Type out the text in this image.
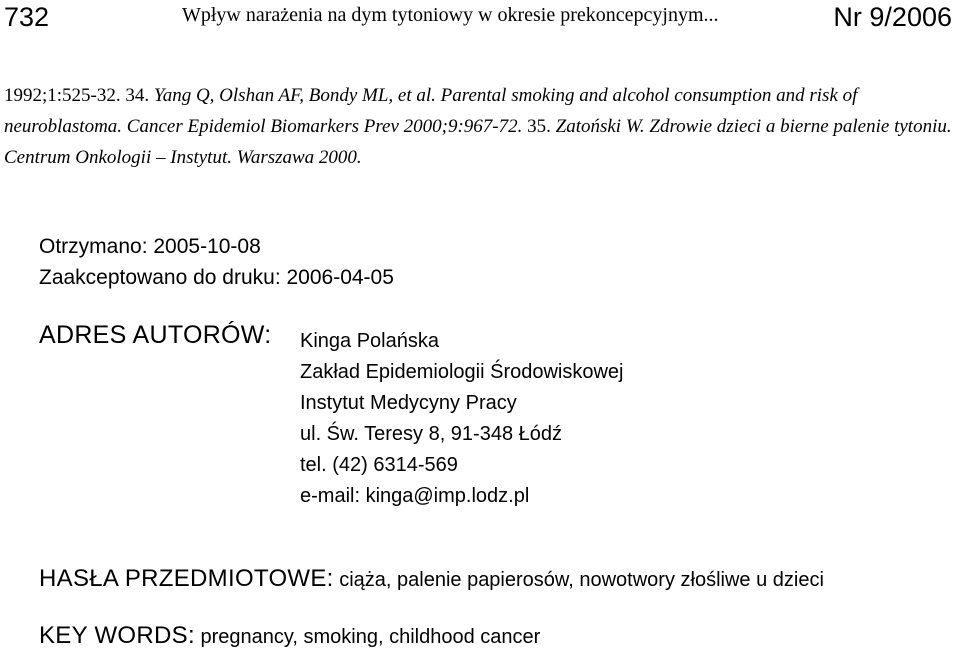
732	Wpływ narażenia na dym tytoniowy w okresie prekoncepcyjnym...	Nr 9/2006
1992;1:525-32. 34. Yang Q, Olshan AF, Bondy ML, et al. Parental smoking and alcohol consumption and risk of neuroblastoma. Cancer Epidemiol Biomarkers Prev 2000;9:967-72. 35. Zatoński W. Zdrowie dzieci a bierne palenie tytoniu. Centrum Onkologii – Instytut. Warszawa 2000.
Otrzymano: 2005-10-08
Zaakceptowano do druku: 2006-04-05
ADRES AUTORÓW: Kinga Polańska
Zakład Epidemiologii Środowiskowej
Instytut Medycyny Pracy
ul. Św. Teresy 8, 91-348 Łódź
tel. (42) 6314-569
e-mail: kinga@imp.lodz.pl
HASŁA PRZEDMIOTOWE: ciąża, palenie papierosów, nowotwory złośliwe u dzieci
KEY WORDS: pregnancy, smoking, childhood cancer
